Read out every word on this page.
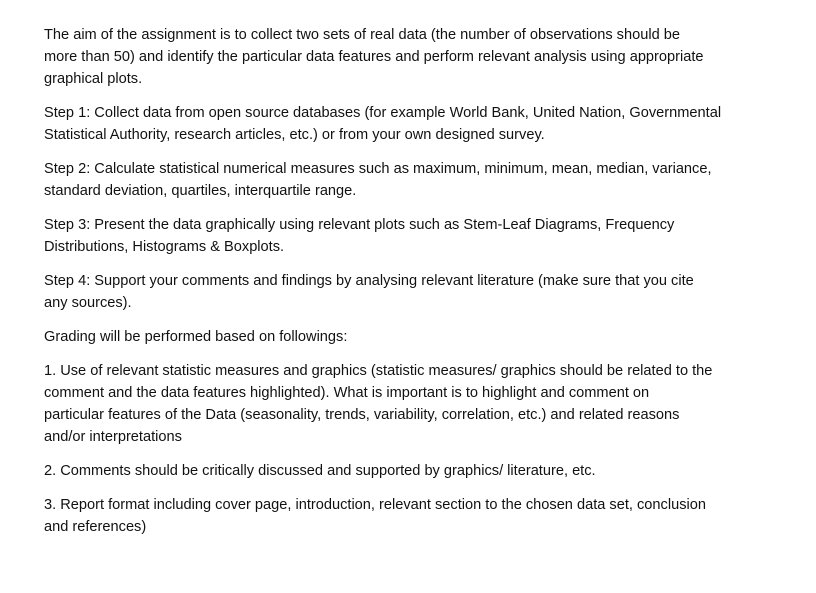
The aim of the assignment is to collect two sets of real data (the number of observations should be
more than 50) and identify the particular data features and perform relevant analysis using appropriate
graphical plots.

Step 1: Collect data from open source databases (for example World Bank, United Nation, Governmental
Statistical Authority, research articles, etc.) or from your own designed survey.

Step 2: Calculate statistical numerical measures such as maximum, minimum, mean, median, variance,
standard deviation, quartiles, interquartile range.

Step 3: Present the data graphically using relevant plots such as Stem-Leaf Diagrams, Frequency
Distributions, Histograms & Boxplots.

Step 4: Support your comments and findings by analysing relevant literature (make sure that you cite
any sources).

Grading will be performed based on followings:

1. Use of relevant statistic measures and graphics (statistic measures/ graphics should be related to the
comment and the data features highlighted). What is important is to highlight and comment on
particular features of the Data (seasonality, trends, variability, correlation, etc.) and related reasons
and/or interpretations

2. Comments should be critically discussed and supported by graphics/ literature, etc.

3. Report format including cover page, introduction, relevant section to the chosen data set, conclusion
and references)
